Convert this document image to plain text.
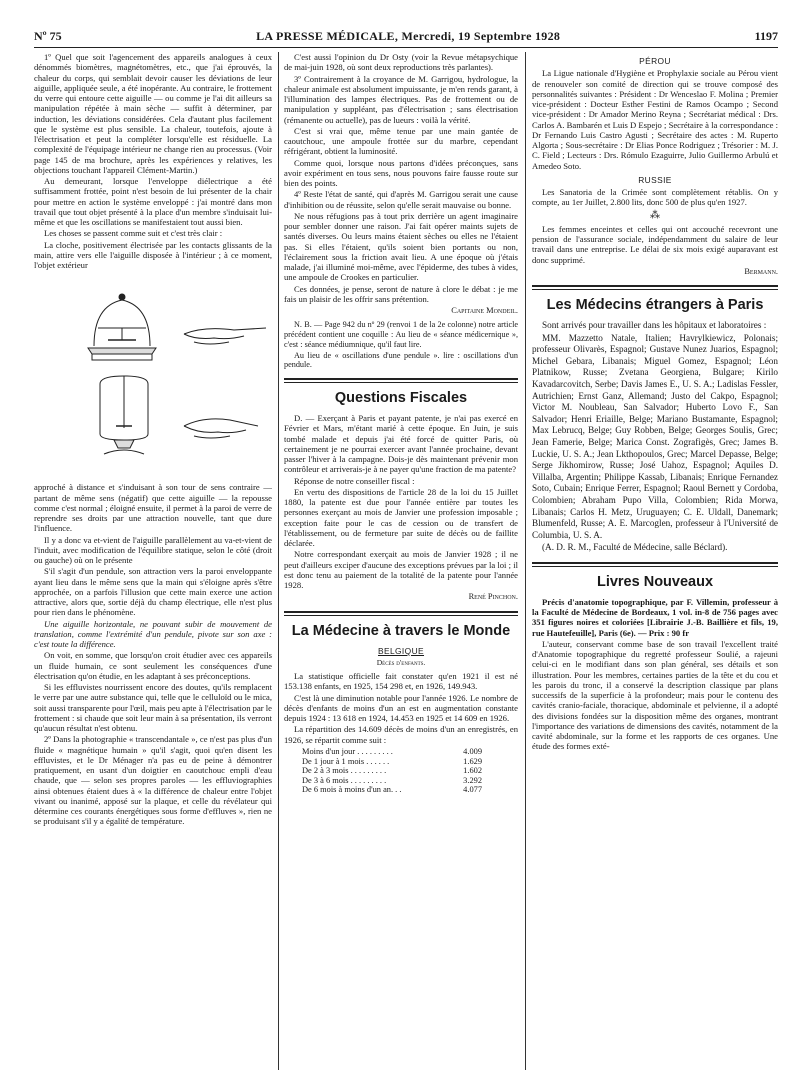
Nº 75	LA PRESSE MÉDICALE, Mercredi, 19 Septembre 1928	1197

1º Quel que soit l'agencement des appareils analogues à ceux dénommés biomètres, magnétomètres, etc., que j'ai éprouvés, la chaleur du corps, qui semblait devoir causer les déviations de leur aiguille, appliquée seule, a été inopérante. Au contraire, le frottement du verre qui entoure cette aiguille — ou comme je l'ai dit ailleurs sa manipulation répétée à main sèche — suffit à déterminer, par induction, les déviations considérées. Cela d'autant plus facilement que le système est plus sensible. La chaleur, toutefois, ajoute à l'électrisation et peut la compléter lorsqu'elle est résiduelle. La complexité de l'équipage intérieur ne change rien au processus. (Voir page 145 de ma brochure, après les expériences y relatives, les objections touchant l'appareil Clément-Martin.)

Au demeurant, lorsque l'enveloppe diélectrique a été suffisamment frottée, point n'est besoin de lui présenter de la chair pour mettre en action le système enveloppé : j'ai montré dans mon travail que tout objet présenté à la place d'un membre s'induisait lui-même et que les oscillations se manifestaient tout aussi bien.

Les choses se passent comme suit et c'est très clair :

La cloche, positivement électrisée par les contacts glissants de la main, attire vers elle l'aiguille disposée à l'intérieur ; à ce moment, l'objet extérieur

approché à distance et s'induisant à son tour de sens contraire — partant de même sens (négatif) que cette aiguille — la repousse comme c'est normal ; éloigné ensuite, il permet à la paroi de verre de reprendre ses droits par une attraction nouvelle, tant que dure l'influence.

Il y a donc va et-vient de l'aiguille parallèlement au va-et-vient de l'induit, avec modification de l'équilibre statique, selon le côté (droit ou gauche) où on le présente

S'il s'agit d'un pendule, son attraction vers la paroi enveloppante ayant lieu dans le même sens que la main qui s'éloigne après s'être approchée, on a parfois l'illusion que cette main exerce une action attractive, alors que, sortie déjà du champ électrique, elle n'est plus pour rien dans le phénomène.

Une aiguille horizontale, ne pouvant subir de mouvement de translation, comme l'extrémité d'un pendule, pivote sur son axe : c'est toute la différence.

On voit, en somme, que lorsqu'on croit étudier avec ces appareils un fluide humain, ce sont seulement les conséquences d'une électrisation qu'on étudie, en les adaptant à ses préconceptions.

Si les effluvistes nourrissent encore des doutes, qu'ils remplacent le verre par une autre substance qui, telle que le celluloïd ou le mica, soit aussi transparente pour l'œil, mais peu apte à l'électrisation par le frottement : si chaude que soit leur main à sa présentation, ils verront qu'aucun résultat n'est obtenu.

2º Dans la photographie « transcendantale », ce n'est pas plus d'un fluide « magnétique humain » qu'il s'agit, quoi qu'en disent les effluvistes, et le Dr Ménager n'a pas eu de peine à démontrer pratiquement, en usant d'un doigtier en caoutchouc empli d'eau chaude, que — selon ses propres paroles — les effluviographies ainsi obtenues étaient dues à « la différence de chaleur entre l'objet vivant ou inanimé, apposé sur la plaque, et celle du révélateur qui détermine ces courants énergétiques sous forme d'effluves », rien ne se produisant s'il y a égalité de température.

C'est aussi l'opinion du Dr Osty (voir la Revue métapsychique de mai-juin 1928, où sont deux reproductions très parlantes).

3º Contrairement à la croyance de M. Garrigou, hydrologue, la chaleur animale est absolument impuissante, je m'en rends garant, à l'illumination des lampes électriques. Pas de frottement ou de manipulation y suppléant, pas d'électrisation ; sans électrisation (rémanente ou actuelle), pas de lueurs : voilà la vérité.

C'est si vrai que, même tenue par une main gantée de caoutchouc, une ampoule frottée sur du marbre, cependant réfrigérant, obtient la luminosité.

Comme quoi, lorsque nous partons d'idées préconçues, sans avoir expériment en tous sens, nous pouvons faire fausse route sur bien des points.

4º Reste l'état de santé, qui d'après M. Garrigou serait une cause d'inhibition ou de réussite, selon qu'elle serait mauvaise ou bonne.

Ne nous réfugions pas à tout prix derrière un agent imaginaire pour sembler donner une raison. J'ai fait opérer maints sujets de santés diverses. Ou leurs mains étaient sèches ou elles ne l'étaient pas. Si elles l'étaient, qu'ils soient bien portants ou non, l'éclairement sous la friction avait lieu. A une époque où j'étais malade, j'ai illuminé moi-même, avec l'épiderme, des tubes à vides, une ampoule de Crookes en particulier.

Ces données, je pense, seront de nature à clore le débat : je me fais un plaisir de les offrir sans prétention.

Capitaine Mondeil.

N. B. — Page 942 du nº 29 (renvoi 1 de la 2e colonne) notre article précédent contient une coquille : Au lieu de « séance médicernique », c'est : séance médiumnique, qu'il faut lire.

Au lieu de « oscillations d'une pendule ». lire : oscillations d'un pendule.

Questions Fiscales

D. — Exerçant à Paris et payant patente, je n'ai pas exercé en Février et Mars, m'étant marié à cette époque. En Juin, je suis tombé malade et depuis j'ai été forcé de quitter Paris, où certainement je ne pourrai exercer avant l'année prochaine, devant passer l'hiver à la campagne. Dois-je dès maintenant prévenir mon contrôleur et arriverais-je à ne payer qu'une fraction de ma patente?

Réponse de notre conseiller fiscal :

En vertu des dispositions de l'article 28 de la loi du 15 Juillet 1880, la patente est due pour l'année entière par toutes les personnes exerçant au mois de Janvier une profession imposable ; exception faite pour le cas de cession ou de transfert de l'établissement, ou de fermeture par suite de décès ou de faillite déclarée.

Notre correspondant exerçait au mois de Janvier 1928 ; il ne peut d'ailleurs exciper d'aucune des exceptions prévues par la loi ; il est donc tenu au paiement de la totalité de la patente pour l'année 1928.

René Pinchon.
La Médecine à travers le Monde
BELGIQUE
Décès d'enfants.

La statistique officielle fait constater qu'en 1921 il est né 153.138 enfants, en 1925, 154 298 et, en 1926, 149.943.

C'est là une diminution notable pour l'année 1926. Le nombre de décès d'enfants de moins d'un an est en augmentation constante depuis 1924 : 13 618 en 1924, 14.453 en 1925 et 14 609 en 1926.

La répartition des 14.609 décès de moins d'un an enregistrés, en 1926, se répartit comme suit :

Moins d'un jour . . . . . . . . .	4.009
De 1 jour à 1 mois . . . . . .	1.629
De 2 à 3 mois . . . . . . . . .	1.602
De 3 à 6 mois . . . . . . . . .	3.292
De 6 mois à moins d'un an. . .	4.077
PÉROU

La Ligue nationale d'Hygiène et Prophylaxie sociale au Pérou vient de renouveler son comité de direction qui se trouve composé des personnalités suivantes : Président : Dr Wenceslao F. Molina ; Premier vice-président : Docteur Esther Festini de Ramos Ocampo ; Second vice-président : Dr Amador Merino Reyna ; Secrétariat médical : Drs. Carlos A. Bambarén et Luis D Espejo ; Secrétaire à la correspondance : Dr Fernando Luis Castro Agusti ; Secrétaire des actes : M. Ruperto Algorta ; Sous-secrétaire : Dr Elias Ponce Rodriguez ; Trésorier : M. J. C. Field ; Lecteurs : Drs. Rómulo Ezaguirre, Julio Guillermo Arbulú et Amedeo Soto.

RUSSIE

Les Sanatoria de la Crimée sont complètement rétablis. On y compte, au 1er Juillet, 2.800 lits, donc 500 de plus qu'en 1927.

⁂

Les femmes enceintes et celles qui ont accouché recevront une pension de l'assurance sociale, indépendamment du salaire de leur travail dans une entreprise. Le délai de six mois exigé auparavant est donc supprimé.

Bermann.
Les Médecins étrangers à Paris

Sont arrivés pour travailler dans les hôpitaux et laboratoires :

MM. Mazzetto Natale, Italien; Havrylkiewicz, Polonais; professeur Olivarès, Espagnol; Gustave Nunez Juarios, Espagnol; Michel Gebara, Libanais; Miguel Gomez, Espagnol; Léon Platnikow, Russe; Zvetana Georgiena, Bulgare; Kirilo Kavadarcovitch, Serbe; Davis James E., U. S. A.; Ladislas Fessler, Autrichien; Ernst Ganz, Allemand; Justo del Cakpo, Espagnol; Victor M. Noubleau, San Salvador; Huberto Lovo F., San Salvador; Henri Eriaille, Belge; Mariano Bustamante, Espagnol; Max Lebrucq, Belge; Guy Robben, Belge; Georges Soulis, Grec; Jean Famerie, Belge; Marica Const. Zografigès, Grec; James B. Luckie, U. S. A.; Jean Lkthopoulos, Grec; Marcel Depasse, Belge; Serge Jikhomirow, Russe; José Uahoz, Espagnol; Aquiles D. Villalba, Argentin; Philippe Kassab, Libanais; Enrique Fernandez Soto, Cubain; Enrique Ferrer, Espagnol; Raoul Bernett y Cordoba, Colombien; Abraham Pupo Villa, Colombien; Rida Morwa, Libanais; Carlos H. Metz, Uruguayen; C. E. Uldall, Danemark; Blumenfeld, Russe; A. E. Marcoglen, professeur à l'Université de Columbia, U. S. A.

(A. D. R. M., Faculté de Médecine, salle Béclard).

Livres Nouveaux

Précis d'anatomie topographique, par F. Villemin, professeur à la Faculté de Médecine de Bordeaux, 1 vol. in-8 de 756 pages avec 351 figures noires et coloriées [Librairie J.-B. Baillière et fils, 19, rue Hautefeuille], Paris (6e). — Prix : 90 fr

L'auteur, conservant comme base de son travail l'excellent traité d'Anatomie topographique du regretté professeur Soulié, a rajeuni celui-ci en le modifiant dans son plan général, ses détails et son illustration. Pour les membres, certaines parties de la tête et du cou et les parois du tronc, il a conservé la description classique par plans successifs de la superficie à la profondeur; mais pour le contenu des cavités cranio-faciale, thoracique, abdominale et pelvienne, il a adopté des divisions fondées sur la disposition même des organes, montrant l'importance des variations de dimensions des cavités, notamment de la cavité abdominale, sur la forme et les rapports de ces organes. Une étude des formes exté-
